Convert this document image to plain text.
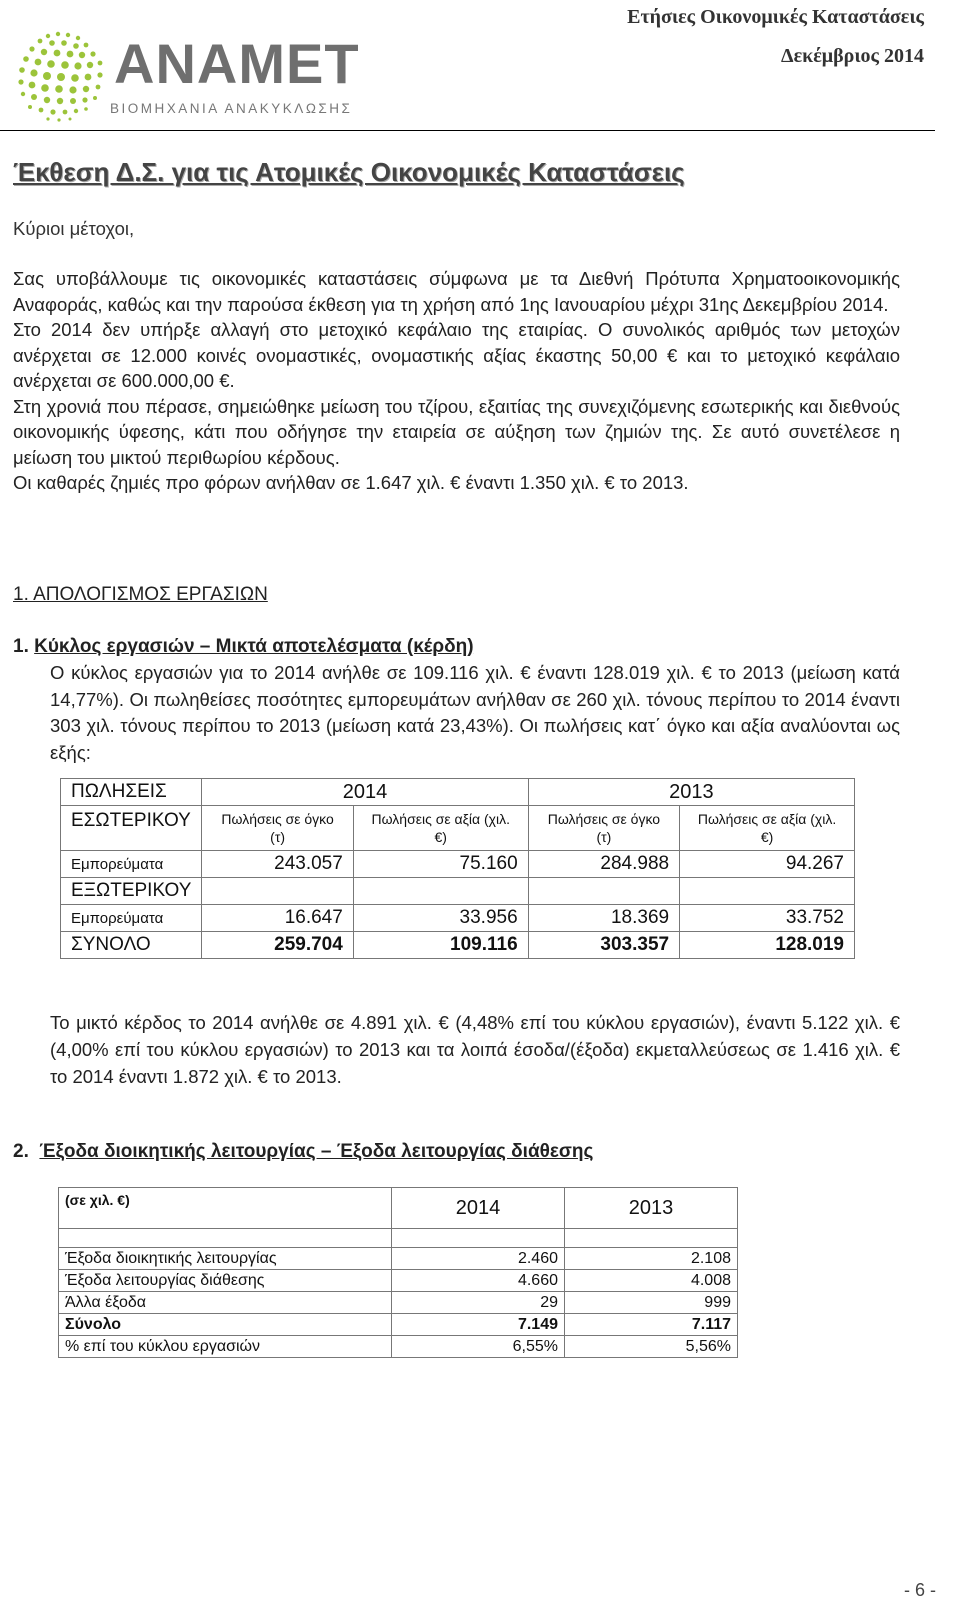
ANAMET
ΒΙΟΜΗΧΑΝΙΑ ΑΝΑΚΥΚΛΩΣΗΣ
Ετήσιες Οικονομικές Καταστάσεις
Δεκέμβριος 2014
Έκθεση Δ.Σ. για τις Ατομικές Οικονομικές Καταστάσεις
Κύριοι μέτοχοι,

Σας υποβάλλουμε τις οικονομικές καταστάσεις σύμφωνα με τα Διεθνή Πρότυπα Χρηματοοικονομικής Αναφοράς, καθώς και την παρούσα έκθεση για τη χρήση από 1ης Ιανουαρίου μέχρι 31ης Δεκεμβρίου 2014.

Στο 2014 δεν υπήρξε αλλαγή στο μετοχικό κεφάλαιο της εταιρίας. Ο συνολικός αριθμός των μετοχών ανέρχεται σε 12.000 κοινές ονομαστικές, ονομαστικής αξίας έκαστης 50,00 € και το μετοχικό κεφάλαιο ανέρχεται σε 600.000,00 €.

Στη χρονιά που πέρασε, σημειώθηκε μείωση του τζίρου, εξαιτίας της συνεχιζόμενης εσωτερικής και διεθνούς οικονομικής ύφεσης, κάτι που οδήγησε την εταιρεία σε αύξηση των ζημιών της. Σε αυτό συνετέλεσε η μείωση του μικτού περιθωρίου κέρδους.

Οι καθαρές ζημιές προ φόρων ανήλθαν σε 1.647 χιλ. € έναντι 1.350 χιλ. € το 2013.

1. ΑΠΟΛΟΓΙΣΜΟΣ ΕΡΓΑΣΙΩΝ
1. Κύκλος εργασιών – Μικτά αποτελέσματα (κέρδη)
Ο κύκλος εργασιών για το 2014 ανήλθε σε 109.116 χιλ. € έναντι 128.019 χιλ. € το 2013 (μείωση κατά 14,77%). Οι πωληθείσες ποσότητες εμπορευμάτων ανήλθαν σε 260 χιλ. τόνους περίπου το 2014 έναντι 303 χιλ. τόνους περίπου το 2013 (μείωση κατά 23,43%). Οι πωλήσεις κατ΄ όγκο και αξία αναλύονται ως εξής:
ΠΩΛΗΣΕΙΣ	2014		2013	
ΕΣΩΤΕΡΙΚΟΥ	Πωλήσεις σε όγκο (τ)	Πωλήσεις σε αξία (χιλ. €)	Πωλήσεις σε όγκο (τ)	Πωλήσεις σε αξία (χιλ. €)
Εμπορεύματα	243.057	75.160	284.988	94.267
ΕΞΩΤΕΡΙΚΟΥ				
Εμπορεύματα	16.647	33.956	18.369	33.752
ΣΥΝΟΛΟ	259.704	109.116	303.357	128.019
Το μικτό κέρδος το 2014 ανήλθε σε 4.891 χιλ. € (4,48% επί του κύκλου εργασιών), έναντι 5.122 χιλ. € (4,00% επί του κύκλου εργασιών) το 2013 και τα λοιπά έσοδα/(έξοδα) εκμεταλλεύσεως σε 1.416 χιλ. € το 2014 έναντι 1.872 χιλ. € το 2013.
2. Έξοδα διοικητικής λειτουργίας – Έξοδα λειτουργίας διάθεσης
(σε χιλ. €)	2014	2013

Έξοδα διοικητικής λειτουργίας	2.460	2.108
Έξοδα λειτουργίας διάθεσης	4.660	4.008
Άλλα έξοδα	29	999
Σύνολο	7.149	7.117
% επί του κύκλου εργασιών	6,55%	5,56%
- 6 -
